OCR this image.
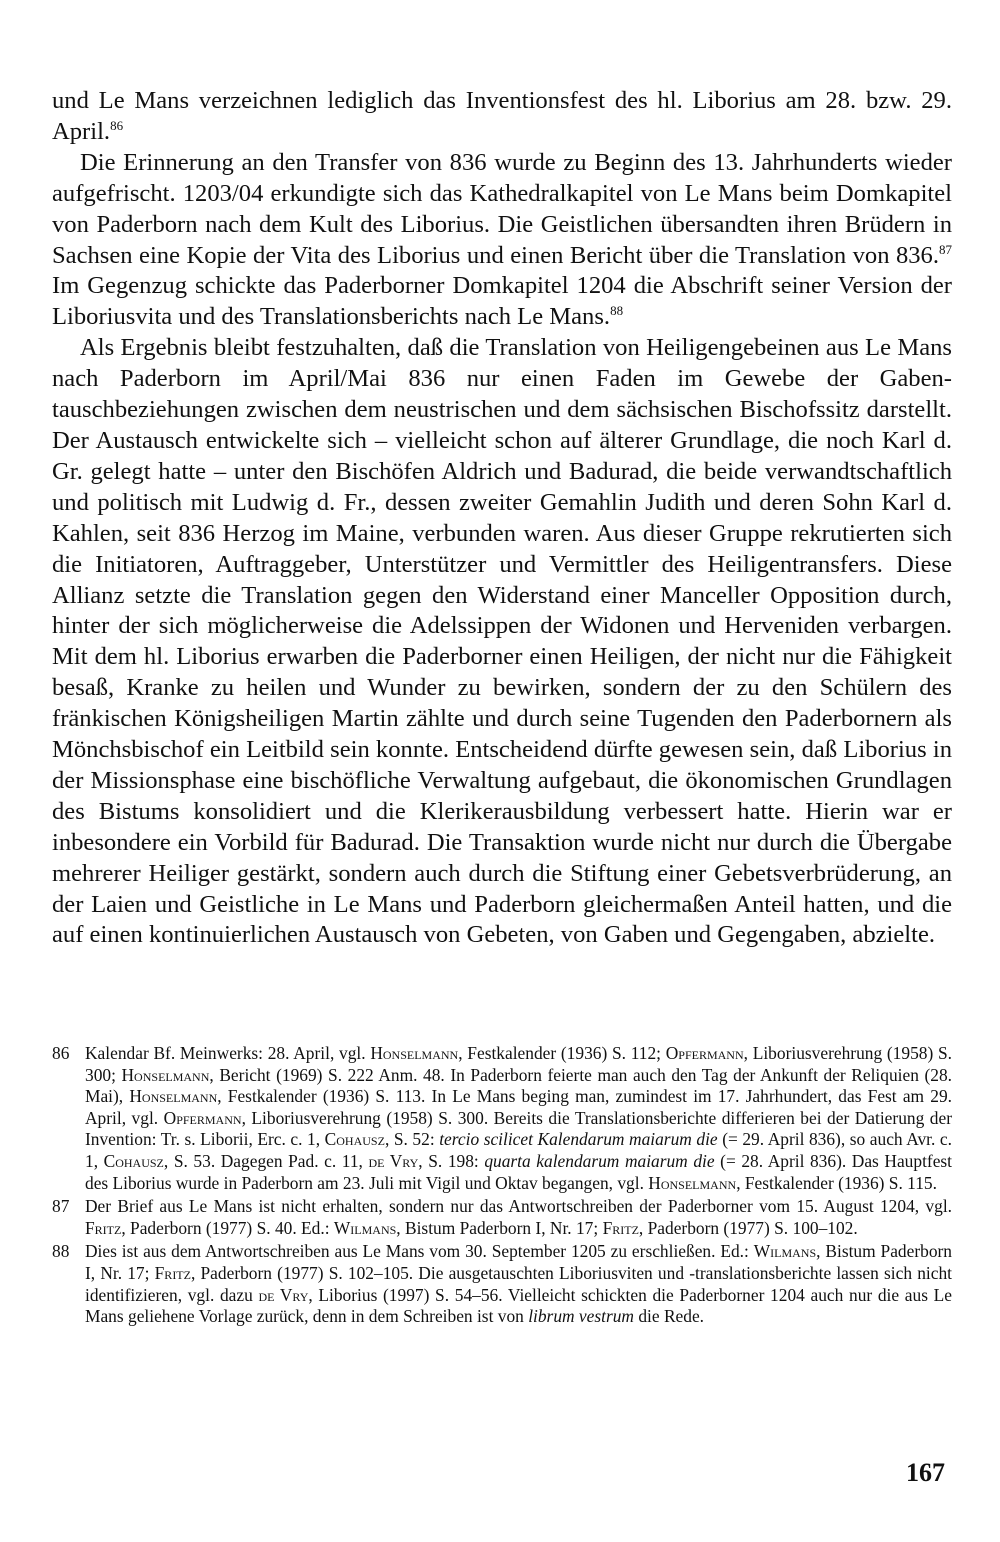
und Le Mans verzeichnen lediglich das Inventionsfest des hl. Liborius am 28. bzw. 29. April.$^{86}$

Die Erinnerung an den Transfer von 836 wurde zu Beginn des 13. Jahrhunderts wieder aufgefrischt. 1203/04 erkundigte sich das Kathedralkapitel von Le Mans beim Domkapitel von Paderborn nach dem Kult des Liborius. Die Geistlichen übersandten ihren Brüdern in Sachsen eine Kopie der Vita des Liborius und einen Bericht über die Translation von 836.87 Im Gegenzug schickte das Paderborner Domkapitel 1204 die Abschrift seiner Version der Liboriusvita und des Translationsberichts nach Le Mans.$^{88}$

Als Ergebnis bleibt festzuhalten, daß die Translation von Heiligengebeinen aus Le Mans nach Paderborn im April/Mai 836 nur einen Faden im Gewebe der Gabentauschbeziehungen zwischen dem neustrischen und dem sächsischen Bischofssitz darstellt. Der Austausch entwickelte sich – vielleicht schon auf älterer Grundlage, die noch Karl d. Gr. gelegt hatte – unter den Bischöfen Aldrich und Badurad, die beide verwandtschaftlich und politisch mit Ludwig d. Fr., dessen zweiter Gemahlin Judith und deren Sohn Karl d. Kahlen, seit 836 Herzog im Maine, verbunden waren. Aus dieser Gruppe rekrutierten sich die Initiatoren, Auftraggeber, Unterstützer und Vermittler des Heiligentransfers. Diese Allianz setzte die Translation gegen den Widerstand einer Manceller Opposition durch, hinter der sich möglicherweise die Adelssippen der Widonen und Herveniden verbargen. Mit dem hl. Liborius erwarben die Paderborner einen Heiligen, der nicht nur die Fähigkeit besaß, Kranke zu heilen und Wunder zu bewirken, sondern der zu den Schülern des fränkischen Königsheiligen Martin zählte und durch seine Tugenden den Paderbornern als Mönchsbischof ein Leitbild sein konnte. Entscheidend dürfte gewesen sein, daß Liborius in der Missionsphase eine bischöfliche Verwaltung aufgebaut, die ökonomischen Grundlagen des Bistums konsolidiert und die Klerikerausbildung verbessert hatte. Hierin war er inbesondere ein Vorbild für Badurad. Die Transaktion wurde nicht nur durch die Übergabe mehrerer Heiliger gestärkt, sondern auch durch die Stiftung einer Gebetsverbrüderung, an der Laien und Geistliche in Le Mans und Paderborn gleichermaßen Anteil hatten, und die auf einen kontinuierlichen Austausch von Gebeten, von Gaben und Gegengaben, abzielte.

86 Kalendar Bf. Meinwerks: 28. April, vgl. Honselmann, Festkalender (1936) S. 112; Opfermann, Liboriusverehrung (1958) S. 300; Honselmann, Bericht (1969) S. 222 Anm. 48. In Paderborn feierte man auch den Tag der Ankunft der Reliquien (28. Mai), Honselmann, Festkalender (1936) S. 113. In Le Mans beging man, zumindest im 17. Jahrhundert, das Fest am 29. April, vgl. Opfermann, Liboriusverehrung (1958) S. 300. Bereits die Translationsberichte differieren bei der Datierung der Invention: Tr. s. Liborii, Erc. c. 1, Cohausz, S. 52: tercio scilicet Kalendarum maiarum die (= 29. April 836), so auch Avr. c. 1, Cohausz, S. 53. Dagegen Pad. c. 11, de Vry, S. 198: quarta kalendarum maiarum die (= 28. April 836). Das Hauptfest des Liborius wurde in Paderborn am 23. Juli mit Vigil und Oktav begangen, vgl. Honselmann, Festkalender (1936) S. 115.
87 Der Brief aus Le Mans ist nicht erhalten, sondern nur das Antwortschreiben der Paderborner vom 15. August 1204, vgl. Fritz, Paderborn (1977) S. 40. Ed.: Wilmans, Bistum Paderborn I, Nr. 17; Fritz, Paderborn (1977) S. 100–102.
88 Dies ist aus dem Antwortschreiben aus Le Mans vom 30. September 1205 zu erschließen. Ed.: Wilmans, Bistum Paderborn I, Nr. 17; Fritz, Paderborn (1977) S. 102–105. Die ausgetauschten Liboriusviten und -translationsberichte lassen sich nicht identifizieren, vgl. dazu de Vry, Liborius (1997) S. 54–56. Vielleicht schickten die Paderborner 1204 auch nur die aus Le Mans geliehene Vorlage zurück, denn in dem Schreiben ist von librum vestrum die Rede.
167
